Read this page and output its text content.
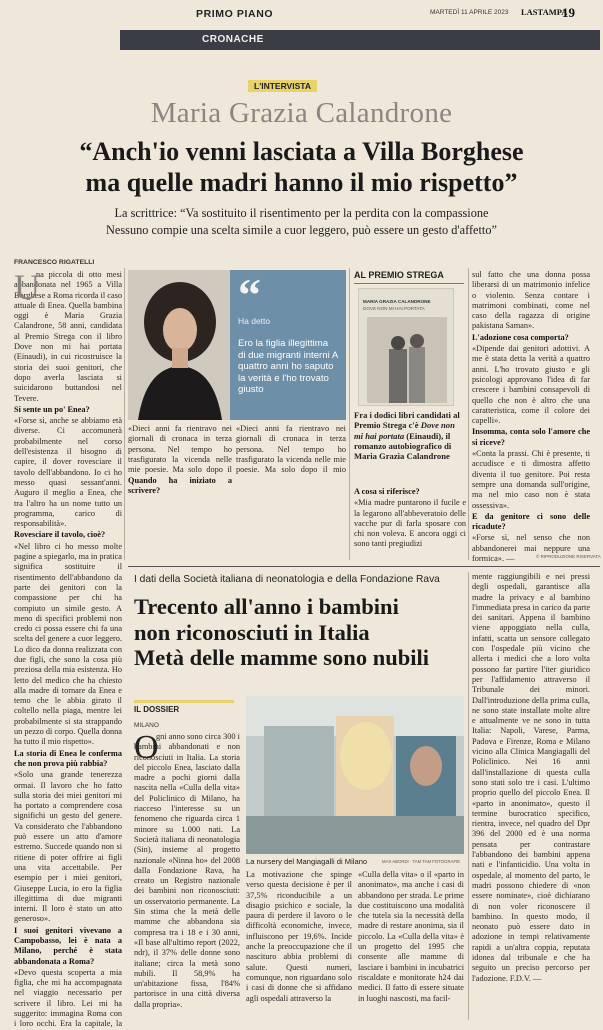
PRIMO PIANO	MARTEDÌ 11 APRILE 2023 LASTAMPA
19
CRONACHE
L'INTERVISTA
Maria Grazia Calandrone
“Anch'io venni lasciata a Villa Borghese
ma quelle madri hanno il mio rispetto”
La scrittrice: “Va sostituito il risentimento per la perdita con la compassione
Nessuno compie una scelta simile a cuor leggero, può essere un gesto d'affetto”
FRANCESCO RIGATELLI
U

na piccola di otto mesi abbandonata nel 1965 a Villa Borghese a Roma ricorda il caso attuale di Enea. Quella bambina oggi è Maria Grazia Calandrone, 58 anni, candidata al Premio Strega con il libro Dove non mi hai portata (Einaudi), in cui ricostruisce la storia dei suoi genitori, che dopo averla lasciata si suicidarono buttandosi nel Tevere.

Si sente un po' Enea?

«Forse sì, anche se abbiamo età diverse. Ci accomunerà probabilmente nel corso dell'esistenza il bisogno di capire, il dover rovesciare il tavolo dell'abbandono. Io ci ho messo quasi sessant'anni. Auguro il meglio a Enea, che tra l'altro ha un nome tutto un programma, carico di responsabilità».

Rovesciare il tavolo, cioè?

«Nel libro ci ho messo molte pagine a spiegarlo, ma in pratica significa sostituire il risentimento dell'abbandono da parte dei genitori con la compassione per chi ha compiuto un simile gesto. A meno di specifici problemi non credo ci possa essere chi fa una scelta del genere a cuor leggero. Lo dico da donna realizzata con due figli, che sono la cosa più preziosa della mia esistenza. Ho letto del medico che ha chiesto alla madre di tornare da Enea e temo che le abbia girato il coltello nella piaga, mentre lei probabilmente si sta strappando un pezzo di corpo. Quella donna ha tutto il mio rispetto».

La storia di Enea le conferma che non prova più rabbia?

«Solo una grande tenerezza ormai. Il lavoro che ho fatto sulla storia dei miei genitori mi ha portato a comprendere cosa significhi un gesto del genere. Va considerato che l'abbandono può essere un atto d'amore estremo. Succede quando non si ritiene di poter offrire ai figli una vita accettabile. Per esempio per i miei genitori, Giuseppe Lucia, io ero la figlia illegittima di due migranti interni. Il loro è stato un atto generoso».

I suoi genitori vivevano a Campobasso, lei è nata a Milano, perché è stata abbandonata a Roma?

«Devo questa scoperta a mia figlia, che mi ha accompagnata nel viaggio necessario per scrivere il libro. Lei mi ha suggerito: immagina Roma con i loro occhi. Era la capitale, la

“
Ha detto
Ero la figlia illegittima di due migranti interni A quattro anni ho saputo la verità e l'ho trovato giusto

«Dieci anni fa rientravo nei giornali di cronaca in terza persona. Nel tempo ho trasfigurato la vicenda nelle mie poesie. Ma solo dopo il

Quando ha iniziato a scrivere?

«Dieci anni fa rientravo nei giornali di cronaca in terza persona. Nel tempo ho trasfigurato la vicenda nelle mie poesie. Ma solo dopo il mio

AL PREMIO STREGA
MARIA GRAZIA CALANDRONE
DOVE NON MI HAI PORTATA
Fra i dodici libri candidati al Premio Strega c'è Dove non mi hai portata (Einaudi), il romanzo autobiografico di Maria Grazia Calandrone

A cosa si riferisce?

«Mia madre puntarono il fucile e la legarono all'abbeveratoio delle vacche pur di farla sposare con chi non voleva. E ancora oggi ci sono tanti pregiudizi

sul fatto che una donna possa liberarsi di un matrimonio infelice o violento. Senza contare i matrimoni combinati, come nel caso della ragazza di origine pakistana Saman».

L'adozione cosa comporta?

«Dipende dai genitori adottivi. A me è stata detta la verità a quattro anni. L'ho trovato giusto e gli psicologi approvano l'idea di far crescere i bambini consapevoli di quello che non è altro che una caratteristica, come il colore dei capelli».

Insomma, conta solo l'amore che si riceve?

«Conta la prassi. Chi è presente, ti accudisce e ti dimostra affetto diventa il tuo genitore. Poi resta sempre una domanda sull'origine, ma nel mio caso non è stata ossessiva».

E da genitore ci sono delle ricadute?

«Forse sì, nel senso che non abbandonerei mai neppure una formica». —	© RIPRODUZIONE RISERVATA
I dati della Società italiana di neonatologia e della Fondazione Rava
Trecento all'anno i bambini
non riconosciuti in Italia
Metà delle mamme sono nubili
IL DOSSIER
MILANO
O

gni anno sono circa 300 i bambini abbandonati e non riconosciuti in Italia. La storia del piccolo Enea, lasciato dalla madre a pochi giorni dalla nascita nella «Culla della vita» del Policlinico di Milano, ha riacceso l'interesse su un fenomeno che riguarda circa 1 minore su 1.000 nati. La Società italiana di neonatologia (Sin), insieme al progetto nazionale «Ninna ho» del 2008 dalla Fondazione Rava, ha creato un Registro nazionale dei bambini non riconosciuti: un osservatorio permanente. La Sin stima che la metà delle mamme che abbandona sia compresa tra i 18 e i 30 anni, «Il base all'ultimo report (2022, ndr), il 37% delle donne sono italiane; circa la metà sono nubili. Il 58,9% ha un'abitazione fissa, l'84% partorisce in una città diversa dalla propria».

La nursery del Mangiagalli di Milano	MAX ABORDI · TAM TAM FOTOGRAFIE

La motivazione che spinge verso questa decisione è per il 37,5% riconducibile a un disagio psichico e sociale, la paura di perdere il lavoro o le difficoltà economiche, invece, influiscono per 19,6%. Incide anche la preoccupazione che il nascituro abbia problemi di salute. Questi numeri, comunque, non riguardano solo i casi di donne che si affidano agli ospedali attraverso la

«Culla della vita» o il «parto in anonimato», ma anche i casi di abbandono per strada. Le prime due costituiscono una modalità che tutela sia la necessità della madre di restare anonima, sia il piccolo. La «Culla della vita» è un progetto del 1995 che consente alle mamme di lasciare i bambini in incubatrici riscaldate e monitorate h24 dai medici. Il fatto di essere situate in luoghi nascosti, ma facil-

mente raggiungibili e nei pressi degli ospedali, garantisce alla madre la privacy e al bambino l'immediata presa in carico da parte dei sanitari. Appena il bambino viene appoggiato nella culla, infatti, scatta un sensore collegato con l'ospedale più vicino che allerta i medici che a loro volta possono far partire l'iter giuridico per l'affidamento attraverso il Tribunale dei minori. Dall'introduzione della prima culla, ne sono state installate molte altre e attualmente ve ne sono in tutta Italia: Napoli, Varese, Parma, Padova e Firenze, Roma e Milano vicino alla Clinica Mangiagalli del Policlinico. Nei 16 anni dall'installazione di questa culla sono stati solo tre i casi. L'ultimo proprio quello del piccolo Enea. Il «parto in anonimato», questo il termine burocratico specifico, rientra, invece, nel quadro del Dpr 396 del 2000 ed è una norma pensata per contrastare l'abbandono dei bambini appena nati e l'infanticidio. Una volta in ospedale, al momento del parto, le madri possono chiedere di «non essere nominate», cioè dichiarano di non voler riconoscere il bambino. In questo modo, il neonato può essere dato in adozione in tempi relativamente rapidi a un'altra coppia, reputata idonea dal tribunale e che ha seguito un preciso percorso per l'adozione. F.D.V. —
